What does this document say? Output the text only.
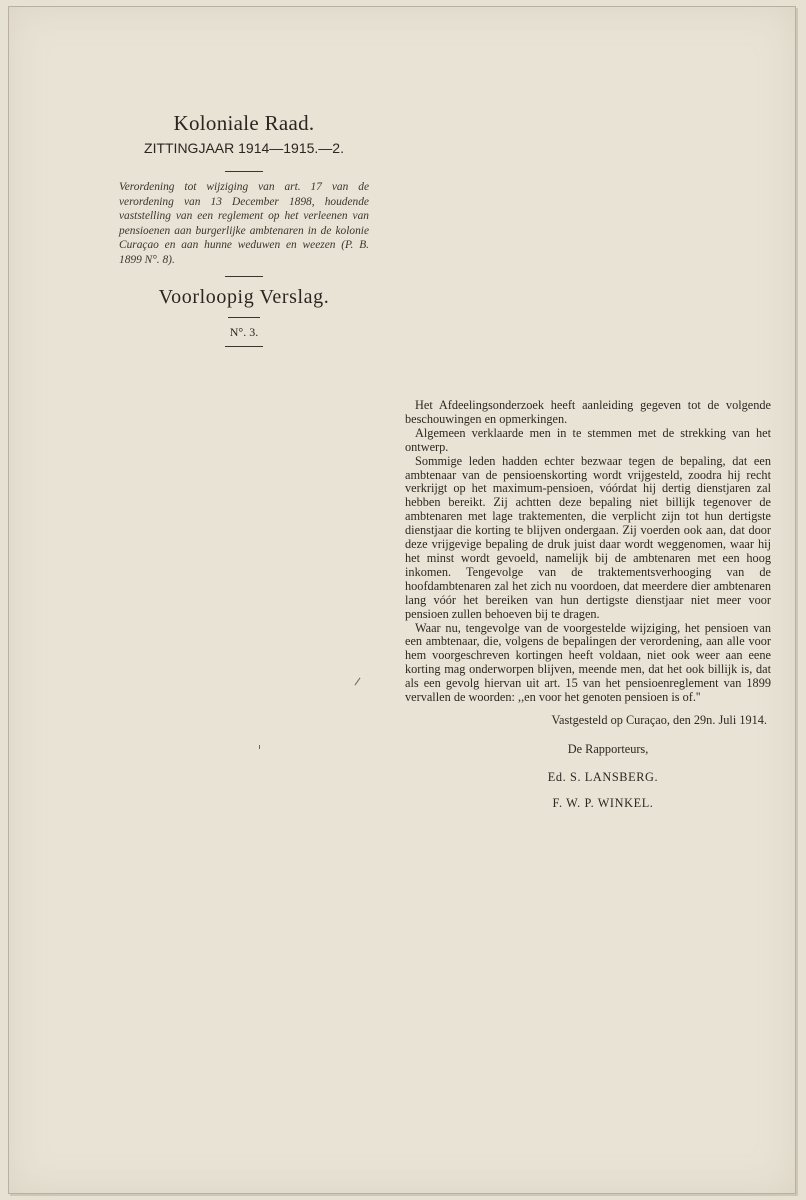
Koloniale Raad.
ZITTINGJAAR 1914—1915.—2.
Verordening tot wijziging van art. 17 van de verordening van 13 December 1898, houdende vaststelling van een reglement op het verleenen van pensioenen aan burgerlijke ambtenaren in de kolonie Curaçao en aan hunne weduwen en weezen (P. B. 1899 N°. 8).
Voorloopig Verslag.
N°. 3.

Het Afdeelingsonderzoek heeft aanleiding gegeven tot de volgende beschouwingen en opmerkingen.

Algemeen verklaarde men in te stemmen met de strekking van het ontwerp.

Sommige leden hadden echter bezwaar tegen de bepaling, dat een ambtenaar van de pensioenskorting wordt vrijgesteld, zoodra hij recht verkrijgt op het maximum-pensioen, vóórdat hij dertig dienstjaren zal hebben bereikt. Zij achtten deze bepaling niet billijk tegenover de ambtenaren met lage traktementen, die verplicht zijn tot hun dertigste dienstjaar die korting te blijven ondergaan. Zij voerden ook aan, dat door deze vrijgevige bepaling de druk juist daar wordt weggenomen, waar hij het minst wordt gevoeld, namelijk bij de ambtenaren met een hoog inkomen. Tengevolge van de traktementsverhooging van de hoofdambtenaren zal het zich nu voordoen, dat meerdere dier ambtenaren lang vóór het bereiken van hun dertigste dienstjaar niet meer voor pensioen zullen behoeven bij te dragen.

Waar nu, tengevolge van de voorgestelde wijziging, het pensioen van een ambtenaar, die, volgens de bepalingen der verordening, aan alle voor hem voorgeschreven kortingen heeft voldaan, niet ook weer aan eene korting mag onderworpen blijven, meende men, dat het ook billijk is, dat als een gevolg hiervan uit art. 15 van het pensioenreglement van 1899 vervallen de woorden: ,,en voor het genoten pensioen is of.''

Vastgesteld op Curaçao, den 29n. Juli 1914.
De Rapporteurs,
Ed. S. LANSBERG.
F. W. P. WINKEL.
